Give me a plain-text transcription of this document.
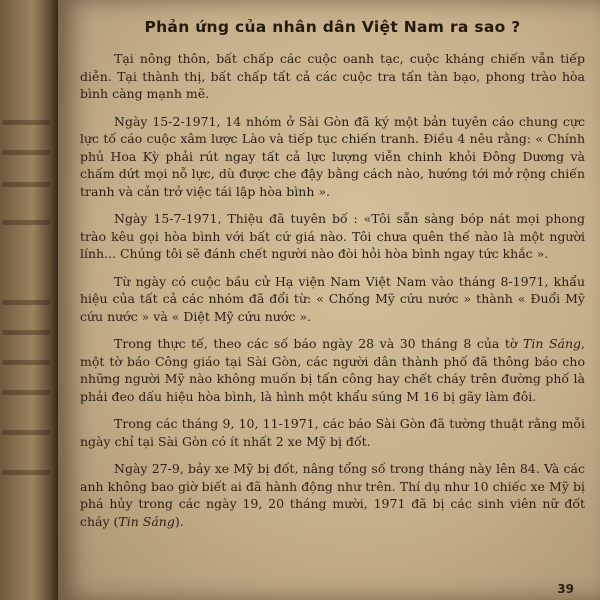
Phản ứng của nhân dân Việt Nam ra sao ?

Tại nông thôn, bất chấp các cuộc oanh tạc, cuộc kháng chiến vẫn tiếp diễn. Tại thành thị, bất chấp tất cả các cuộc tra tấn tàn bạo, phong trào hòa bình càng mạnh mẽ.

Ngày 15-2-1971, 14 nhóm ở Sài Gòn đã ký một bản tuyên cáo chung cực lực tố cáo cuộc xâm lược Lào và tiếp tục chiến tranh. Điều 4 nêu rằng: « Chính phủ Hoa Kỳ phải rút ngay tất cả lực lượng viễn chinh khỏi Đông Dương và chấm dứt mọi nỗ lực, dù được che đậy bằng cách nào, hướng tới mở rộng chiến tranh và cản trở việc tái lập hòa bình ».

Ngày 15-7-1971, Thiệu đã tuyên bố : «Tôi sẵn sàng bóp nát mọi phong trào kêu gọi hòa bình với bất cứ giá nào. Tôi chưa quên thế nào là một người lính... Chúng tôi sẽ đánh chết người nào đòi hỏi hòa bình ngay tức khắc ».

Từ ngày có cuộc bầu cử Hạ viện Nam Việt Nam vào tháng 8-1971, khẩu hiệu của tất cả các nhóm đã đổi từ: « Chống Mỹ cứu nước » thành « Đuổi Mỹ cứu nước » và « Diệt Mỹ cứu nước ».

Trong thực tế, theo các số báo ngày 28 và 30 tháng 8 của tờ Tin Sáng, một tờ báo Công giáo tại Sài Gòn, các người dân thành phố đã thông báo cho những người Mỹ nào không muốn bị tấn công hay chết cháy trên đường phố là phải đeo dấu hiệu hòa bình, là hình một khẩu súng M 16 bị gãy làm đôi.

Trong các tháng 9, 10, 11-1971, các báo Sài Gòn đã tường thuật rằng mỗi ngày chỉ tại Sài Gòn có ít nhất 2 xe Mỹ bị đốt.

Ngày 27-9, bảy xe Mỹ bị đốt, nâng tổng số trong tháng này lên 84. Và các anh không bao giờ biết ai đã hành động như trên. Thí dụ như 10 chiếc xe Mỹ bị phá hủy trong các ngày 19, 20 tháng mười, 1971 đã bị các sinh viên nữ đốt cháy (Tin Sáng).

39
